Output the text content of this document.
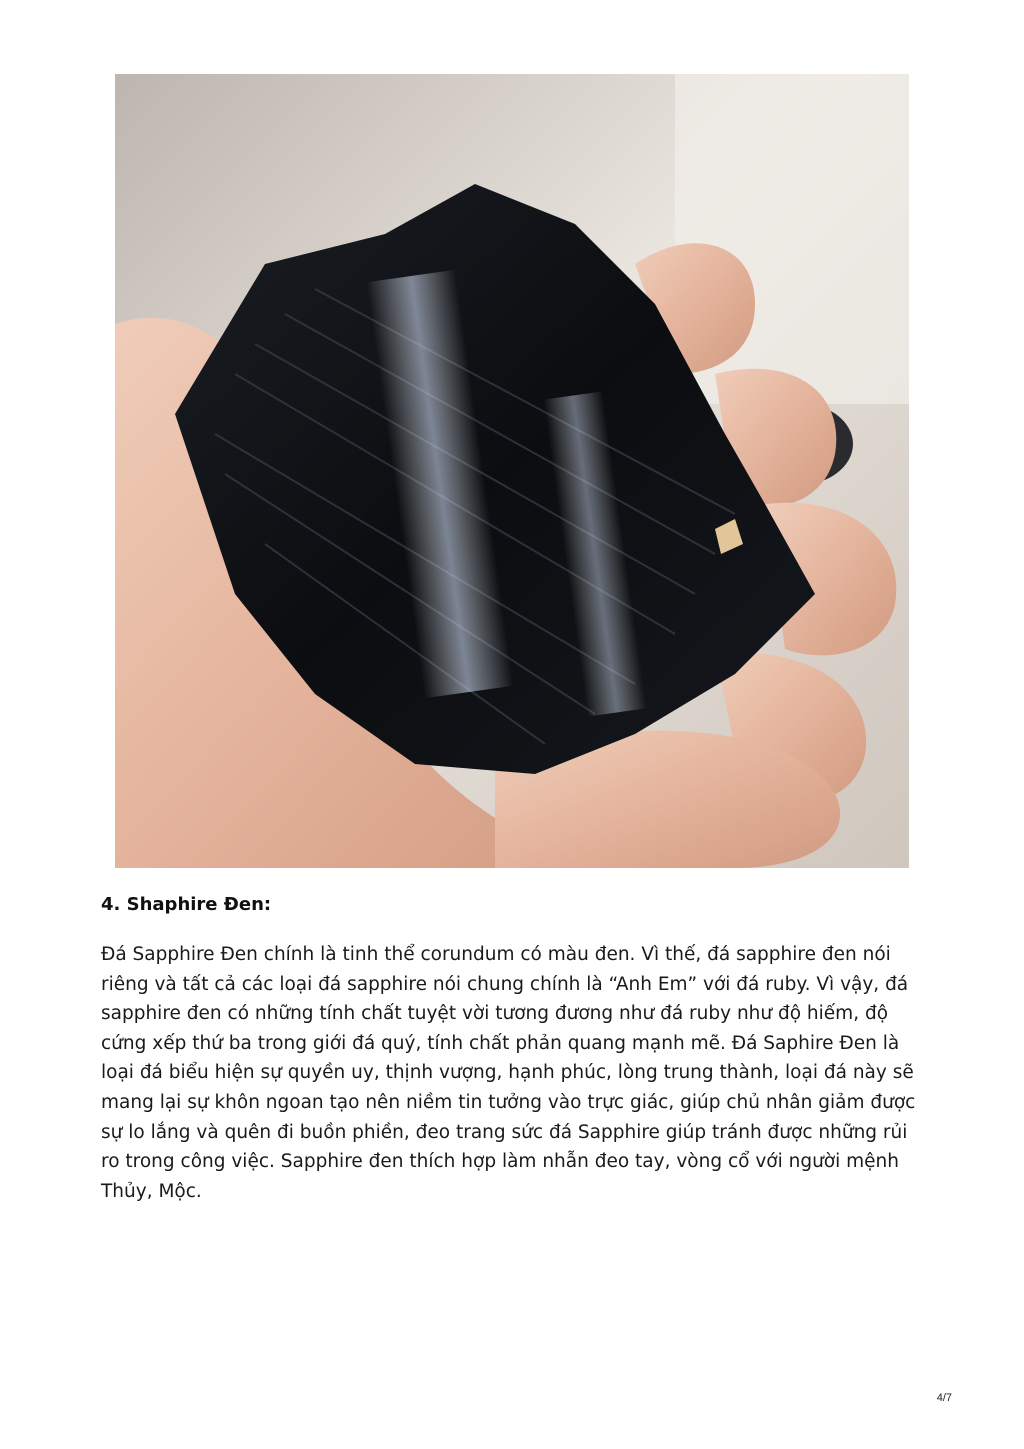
4. Shaphire Đen:

Đá Sapphire Đen chính là tinh thể corundum có màu đen. Vì thế, đá sapphire đen nói riêng và tất cả các loại đá sapphire nói chung chính là “Anh Em” với đá ruby. Vì vậy, đá sapphire đen có những tính chất tuyệt vời tương đương như đá ruby như độ hiếm, độ cứng xếp thứ ba trong giới đá quý, tính chất phản quang mạnh mẽ. Đá Saphire Đen là loại đá biểu hiện sự quyền uy, thịnh vượng, hạnh phúc, lòng trung thành, loại đá này sẽ mang lại sự khôn ngoan tạo nên niềm tin tưởng vào trực giác, giúp chủ nhân giảm được sự lo lắng và quên đi buồn phiền, đeo trang sức đá Sapphire giúp tránh được những rủi ro trong công việc. Sapphire đen thích hợp làm nhẫn đeo tay, vòng cổ với người mệnh Thủy, Mộc.

4/7
